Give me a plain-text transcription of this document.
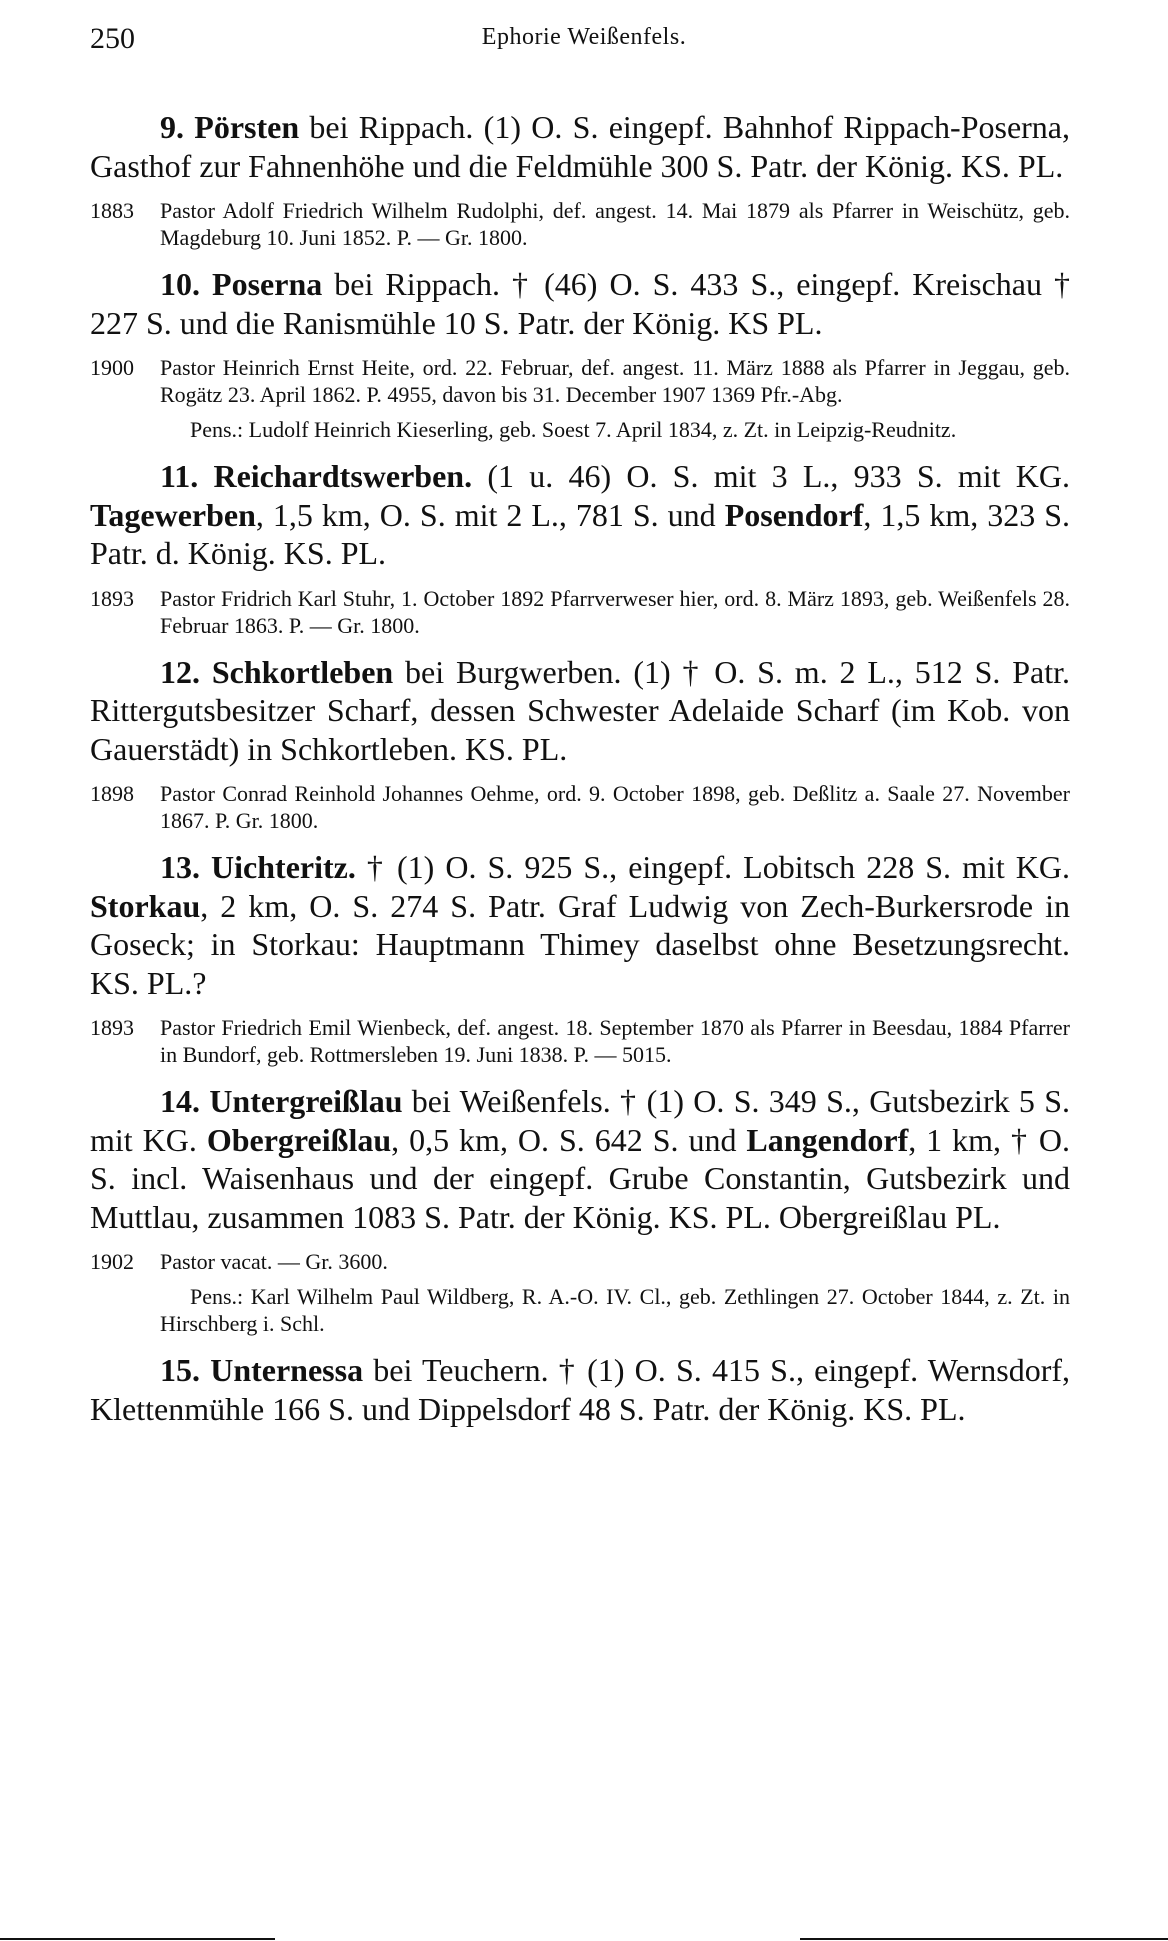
250	Ephorie Weißenfels.

9. Pörsten bei Rippach. (1) O. S. eingepf. Bahnhof Rippach-Poserna, Gasthof zur Fahnenhöhe und die Feldmühle 300 S. Patr. der König. KS. PL.

1883	Pastor Adolf Friedrich Wilhelm Rudolphi, def. angest. 14. Mai 1879 als Pfarrer in Weischütz, geb. Magdeburg 10. Juni 1852. P. — Gr. 1800.

10. Poserna bei Rippach. † (46) O. S. 433 S., eingepf. Kreischau † 227 S. und die Ranismühle 10 S. Patr. der König. KS PL.

1900	Pastor Heinrich Ernst Heite, ord. 22. Februar, def. angest. 11. März 1888 als Pfarrer in Jeggau, geb. Rogätz 23. April 1862. P. 4955, davon bis 31. December 1907 1369 Pfr.-Abg.
Pens.: Ludolf Heinrich Kieserling, geb. Soest 7. April 1834, z. Zt. in Leipzig-Reudnitz.

11. Reichardtswerben. (1 u. 46) O. S. mit 3 L., 933 S. mit KG. Tagewerben, 1,5 km, O. S. mit 2 L., 781 S. und Posendorf, 1,5 km, 323 S. Patr. d. König. KS. PL.

1893	Pastor Fridrich Karl Stuhr, 1. October 1892 Pfarrverweser hier, ord. 8. März 1893, geb. Weißenfels 28. Februar 1863. P. — Gr. 1800.

12. Schkortleben bei Burgwerben. (1) † O. S. m. 2 L., 512 S. Patr. Rittergutsbesitzer Scharf, dessen Schwester Adelaide Scharf (im Kob. von Gauerstädt) in Schkortleben. KS. PL.

1898	Pastor Conrad Reinhold Johannes Oehme, ord. 9. October 1898, geb. Deßlitz a. Saale 27. November 1867. P. Gr. 1800.

13. Uichteritz. † (1) O. S. 925 S., eingepf. Lobitsch 228 S. mit KG. Storkau, 2 km, O. S. 274 S. Patr. Graf Ludwig von Zech-Burkersrode in Goseck; in Storkau: Hauptmann Thimey daselbst ohne Besetzungsrecht. KS. PL.?

1893	Pastor Friedrich Emil Wienbeck, def. angest. 18. September 1870 als Pfarrer in Beesdau, 1884 Pfarrer in Bundorf, geb. Rottmersleben 19. Juni 1838. P. — 5015.

14. Untergreißlau bei Weißenfels. † (1) O. S. 349 S., Gutsbezirk 5 S. mit KG. Obergreißlau, 0,5 km, O. S. 642 S. und Langendorf, 1 km, † O. S. incl. Waisenhaus und der eingepf. Grube Constantin, Gutsbezirk und Muttlau, zusammen 1083 S. Patr. der König. KS. PL. Obergreißlau PL.

1902	Pastor vacat. — Gr. 3600.
Pens.: Karl Wilhelm Paul Wildberg, R. A.-O. IV. Cl., geb. Zethlingen 27. October 1844, z. Zt. in Hirschberg i. Schl.

15. Unternessa bei Teuchern. † (1) O. S. 415 S., eingepf. Wernsdorf, Klettenmühle 166 S. und Dippelsdorf 48 S. Patr. der König. KS. PL.
